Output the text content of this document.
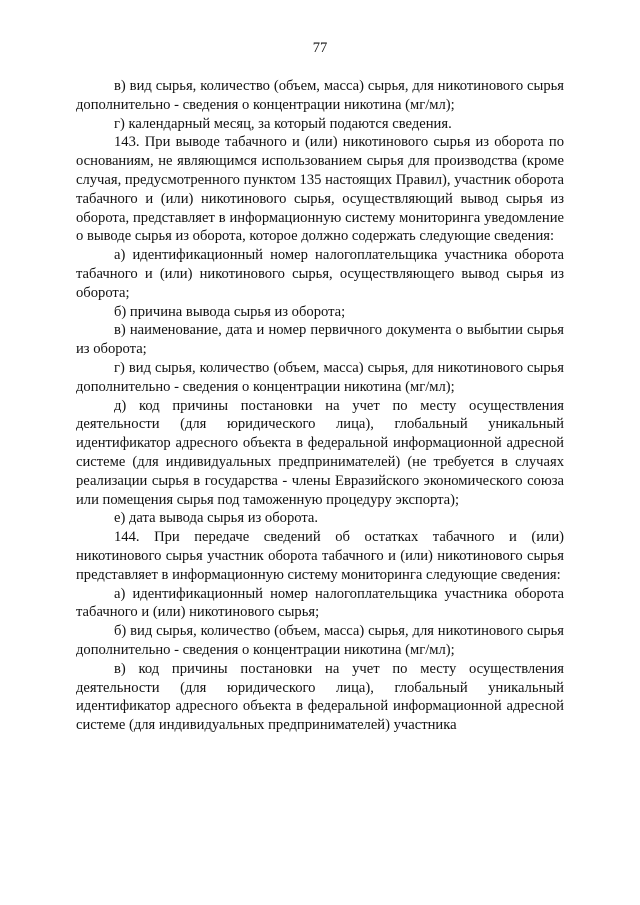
77

в) вид сырья, количество (объем, масса) сырья, для никотинового сырья дополнительно - сведения о концентрации никотина (мг/мл);

г) календарный месяц, за который подаются сведения.

143. При выводе табачного и (или) никотинового сырья из оборота по основаниям, не являющимся использованием сырья для производства (кроме случая, предусмотренного пунктом 135 настоящих Правил), участник оборота табачного и (или) никотинового сырья, осуществляющий вывод сырья из оборота, представляет в информационную систему мониторинга уведомление о выводе сырья из оборота, которое должно содержать следующие сведения:

а) идентификационный номер налогоплательщика участника оборота табачного и (или) никотинового сырья, осуществляющего вывод сырья из оборота;

б) причина вывода сырья из оборота;

в) наименование, дата и номер первичного документа о выбытии сырья из оборота;

г) вид сырья, количество (объем, масса) сырья, для никотинового сырья дополнительно - сведения о концентрации никотина (мг/мл);

д) код причины постановки на учет по месту осуществления деятельности (для юридического лица), глобальный уникальный идентификатор адресного объекта в федеральной информационной адресной системе (для индивидуальных предпринимателей) (не требуется в случаях реализации сырья в государства - члены Евразийского экономического союза или помещения сырья под таможенную процедуру экспорта);

е) дата вывода сырья из оборота.

144. При передаче сведений об остатках табачного и (или) никотинового сырья участник оборота табачного и (или) никотинового сырья представляет в информационную систему мониторинга следующие сведения:

а) идентификационный номер налогоплательщика участника оборота табачного и (или) никотинового сырья;

б) вид сырья, количество (объем, масса) сырья, для никотинового сырья дополнительно - сведения о концентрации никотина (мг/мл);

в) код причины постановки на учет по месту осуществления деятельности (для юридического лица), глобальный уникальный идентификатор адресного объекта в федеральной информационной адресной системе (для индивидуальных предпринимателей) участника
